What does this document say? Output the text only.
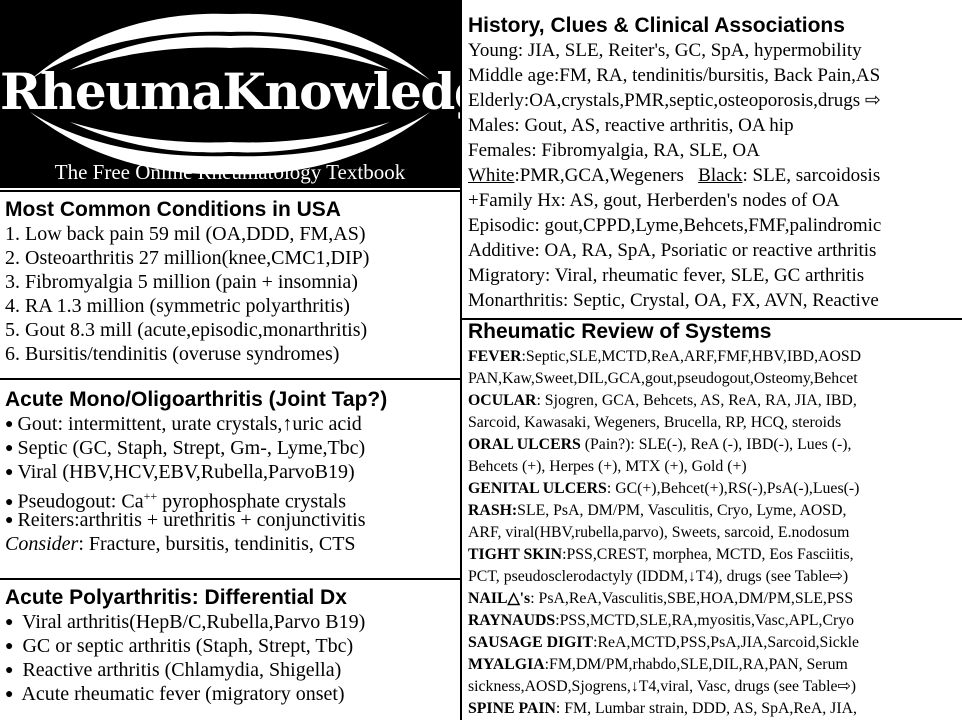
RheumaKnowledgy
The Free Online Rheumatology Textbook
Most Common Conditions in USA
1. Low back pain 59 mil (OA,DDD, FM,AS)
2. Osteoarthritis 27 million(knee,CMC1,DIP)
3. Fibromyalgia 5 million (pain + insomnia)
4. RA 1.3 million (symmetric polyarthritis)
5. Gout 8.3 mill (acute,episodic,monarthritis)
6. Bursitis/tendinitis (overuse syndromes)
Acute Mono/Oligoarthritis (Joint Tap?)
● Gout: intermittent, urate crystals,↑uric acid
● Septic (GC, Staph, Strept, Gm-, Lyme,Tbc)
● Viral (HBV,HCV,EBV,Rubella,ParvoB19)
● Pseudogout: Ca++ pyrophosphate crystals
● Reiters:arthritis + urethritis + conjunctivitis
Consider: Fracture, bursitis, tendinitis, CTS
Acute Polyarthritis: Differential Dx
● Viral arthritis(HepB/C,Rubella,Parvo B19)
● GC or septic arthritis (Staph, Strept, Tbc)
● Reactive arthritis (Chlamydia, Shigella)
● Acute rheumatic fever (migratory onset)
History, Clues & Clinical Associations
Young: JIA, SLE, Reiter's, GC, SpA, hypermobility
Middle age:FM, RA, tendinitis/bursitis, Back Pain,AS
Elderly:OA,crystals,PMR,septic,osteoporosis,drugs ⇨
Males: Gout, AS, reactive arthritis, OA hip
Females: Fibromyalgia, RA, SLE, OA
White:PMR,GCA,Wegeners Black: SLE, sarcoidosis
+Family Hx: AS, gout, Herberden's nodes of OA
Episodic: gout,CPPD,Lyme,Behcets,FMF,palindromic
Additive: OA, RA, SpA, Psoriatic or reactive arthritis
Migratory: Viral, rheumatic fever, SLE, GC arthritis
Monarthritis: Septic, Crystal, OA, FX, AVN, Reactive
Rheumatic Review of Systems
FEVER:Septic,SLE,MCTD,ReA,ARF,FMF,HBV,IBD,AOSD
PAN,Kaw,Sweet,DIL,GCA,gout,pseudogout,Osteomy,Behcet
OCULAR: Sjogren, GCA, Behcets, AS, ReA, RA, JIA, IBD,
Sarcoid, Kawasaki, Wegeners, Brucella, RP, HCQ, steroids
ORAL ULCERS (Pain?): SLE(-), ReA (-), IBD(-), Lues (-),
Behcets (+), Herpes (+), MTX (+), Gold (+)
GENITAL ULCERS: GC(+),Behcet(+),RS(-),PsA(-),Lues(-)
RASH:SLE, PsA, DM/PM, Vasculitis, Cryo, Lyme, AOSD,
ARF, viral(HBV,rubella,parvo), Sweets, sarcoid, E.nodosum
TIGHT SKIN:PSS,CREST, morphea, MCTD, Eos Fasciitis,
PCT, pseudosclerodactyly (IDDM,↓T4), drugs (see Table⇨)
NAIL△'s: PsA,ReA,Vasculitis,SBE,HOA,DM/PM,SLE,PSS
RAYNAUDS:PSS,MCTD,SLE,RA,myositis,Vasc,APL,Cryo
SAUSAGE DIGIT:ReA,MCTD,PSS,PsA,JIA,Sarcoid,Sickle
MYALGIA:FM,DM/PM,rhabdo,SLE,DIL,RA,PAN, Serum
sickness,AOSD,Sjogrens,↓T4,viral, Vasc, drugs (see Table⇨)
SPINE PAIN: FM, Lumbar strain, DDD, AS, SpA,ReA, JIA,
